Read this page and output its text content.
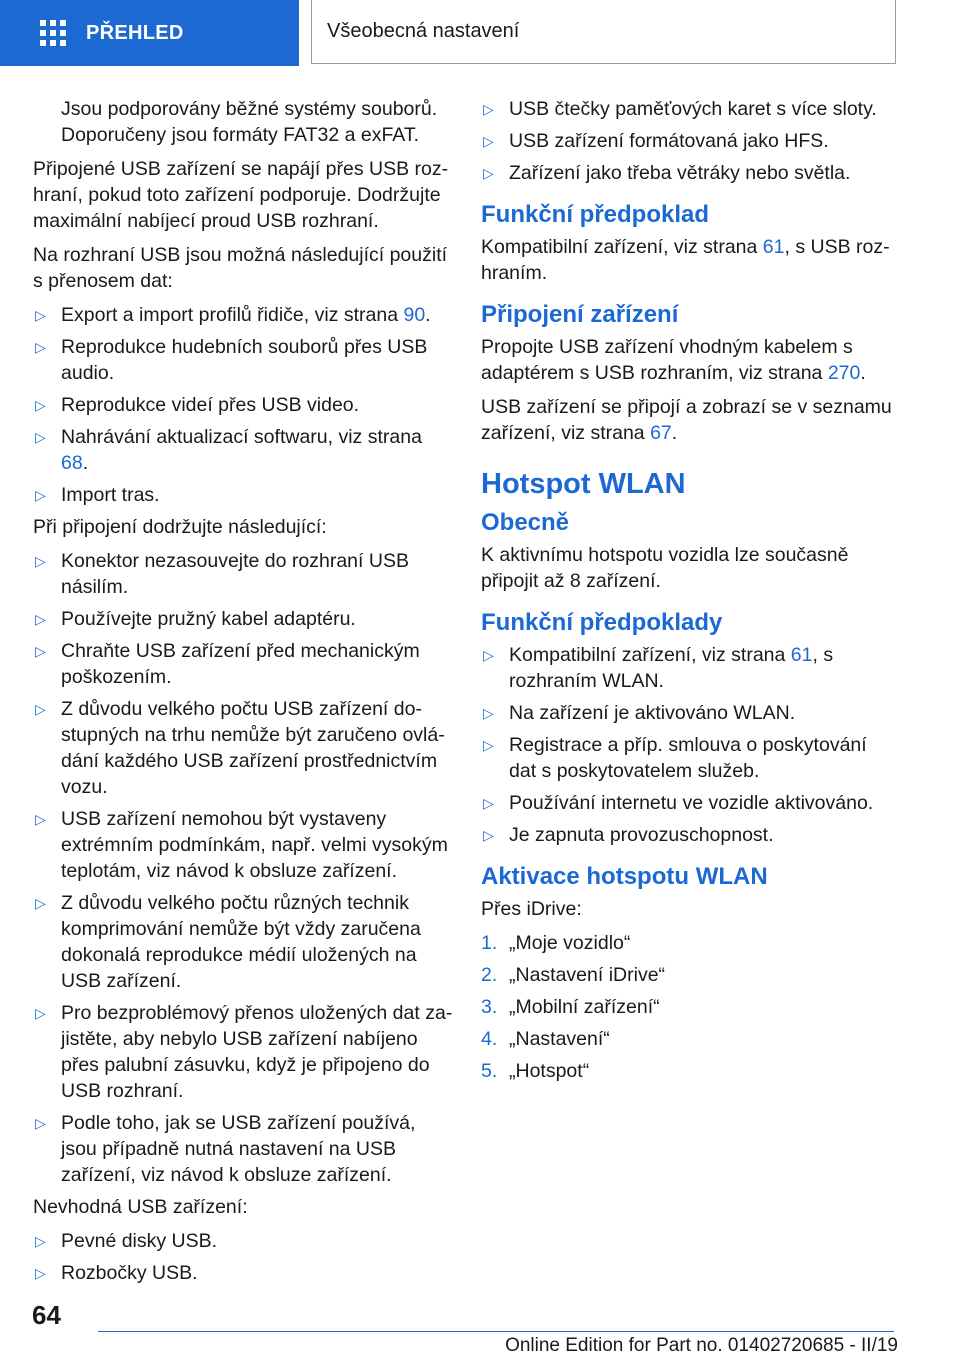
PŘEHLED	Všeobecná nastavení

Jsou podporovány běžné systémy souborů. Doporučeny jsou formáty FAT32 a exFAT.

Připojené USB zařízení se napájí přes USB rozhraní, pokud toto zařízení podporuje. Dodržujte maximální nabíjecí proud USB rozhraní.

Na rozhraní USB jsou možná následující použití s přenosem dat:

▷ Export a import profilů řidiče, viz strana 90.
▷ Reprodukce hudebních souborů přes USB audio.
▷ Reprodukce videí přes USB video.
▷ Nahrávání aktualizací softwaru, viz strana 68.
▷ Import tras.

Při připojení dodržujte následující:

▷ Konektor nezasouvejte do rozhraní USB násilím.
▷ Používejte pružný kabel adaptéru.
▷ Chraňte USB zařízení před mechanickým poškozením.
▷ Z důvodu velkého počtu USB zařízení dostupných na trhu nemůže být zaručeno ovládání každého USB zařízení prostřednictvím vozu.
▷ USB zařízení nemohou být vystaveny extrémním podmínkám, např. velmi vysokým teplotám, viz návod k obsluze zařízení.
▷ Z důvodu velkého počtu různých technik komprimování nemůže být vždy zaručena dokonalá reprodukce médií uložených na USB zařízení.
▷ Pro bezproblémový přenos uložených dat zajistěte, aby nebylo USB zařízení nabíjeno přes palubní zásuvku, když je připojeno do USB rozhraní.
▷ Podle toho, jak se USB zařízení používá, jsou případně nutná nastavení na USB zařízení, viz návod k obsluze zařízení.

Nevhodná USB zařízení:

▷ Pevné disky USB.
▷ Rozbočky USB.
▷ USB čtečky paměťových karet s více sloty.
▷ USB zařízení formátovaná jako HFS.
▷ Zařízení jako třeba větráky nebo světla.
Funkční předpoklad

Kompatibilní zařízení, viz strana 61, s USB rozhraním.

Připojení zařízení

Propojte USB zařízení vhodným kabelem s adaptérem s USB rozhraním, viz strana 270.

USB zařízení se připojí a zobrazí se v seznamu zařízení, viz strana 67.

Hotspot WLAN
Obecně

K aktivnímu hotspotu vozidla lze současně připojit až 8 zařízení.

Funkční předpoklady
▷ Kompatibilní zařízení, viz strana 61, s rozhraním WLAN.
▷ Na zařízení je aktivováno WLAN.
▷ Registrace a příp. smlouva o poskytování dat s poskytovatelem služeb.
▷ Používání internetu ve vozidle aktivováno.
▷ Je zapnuta provozuschopnost.
Aktivace hotspotu WLAN

Přes iDrive:

1. „Moje vozidlo“
2. „Nastavení iDrive“
3. „Mobilní zařízení“
4. „Nastavení“
5. „Hotspot“
64
Online Edition for Part no. 01402720685 - II/19
